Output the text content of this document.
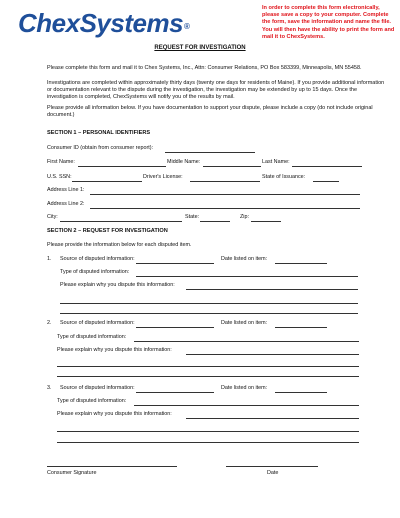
ChexSystems®
In order to complete this form electronically, please save a copy to your computer. Complete the form, save the information and name the file. You will then have the ability to print the form and mail it to ChexSystems.
REQUEST FOR INVESTIGATION
Please complete this form and mail it to Chex Systems, Inc., Attn: Consumer Relations, PO Box 583399, Minneapolis, MN 55458.
Investigations are completed within approximately thirty days (twenty one days for residents of Maine). If you provide additional information or documentation relevant to the dispute during the investigation, the investigation may be extended by up to 15 days. Once the investigation is completed, ChexSystems will notify you of the results by mail.
Please provide all information below. If you have documentation to support your dispute, please include a copy (do not include original document.)
SECTION 1 – PERSONAL IDENTIFIERS
Consumer ID (obtain from consumer report):
First Name:	Middle Name:	Last Name:
U.S. SSN:	Driver's License:	State of Issuance:
Address Line 1:
Address Line 2:
City:	State:	Zip:
SECTION 2 – REQUEST FOR INVESTIGATION
Please provide the information below for each disputed item.
1. Source of disputed information:	Date listed on item:
Type of disputed information:
Please explain why you dispute this information:
2. Source of disputed information:	Date listed on item:
Type of disputed information:
Please explain why you dispute this information:
3. Source of disputed information:	Date listed on item:
Type of disputed information:
Please explain why you dispute this information:
Consumer Signature	Date
